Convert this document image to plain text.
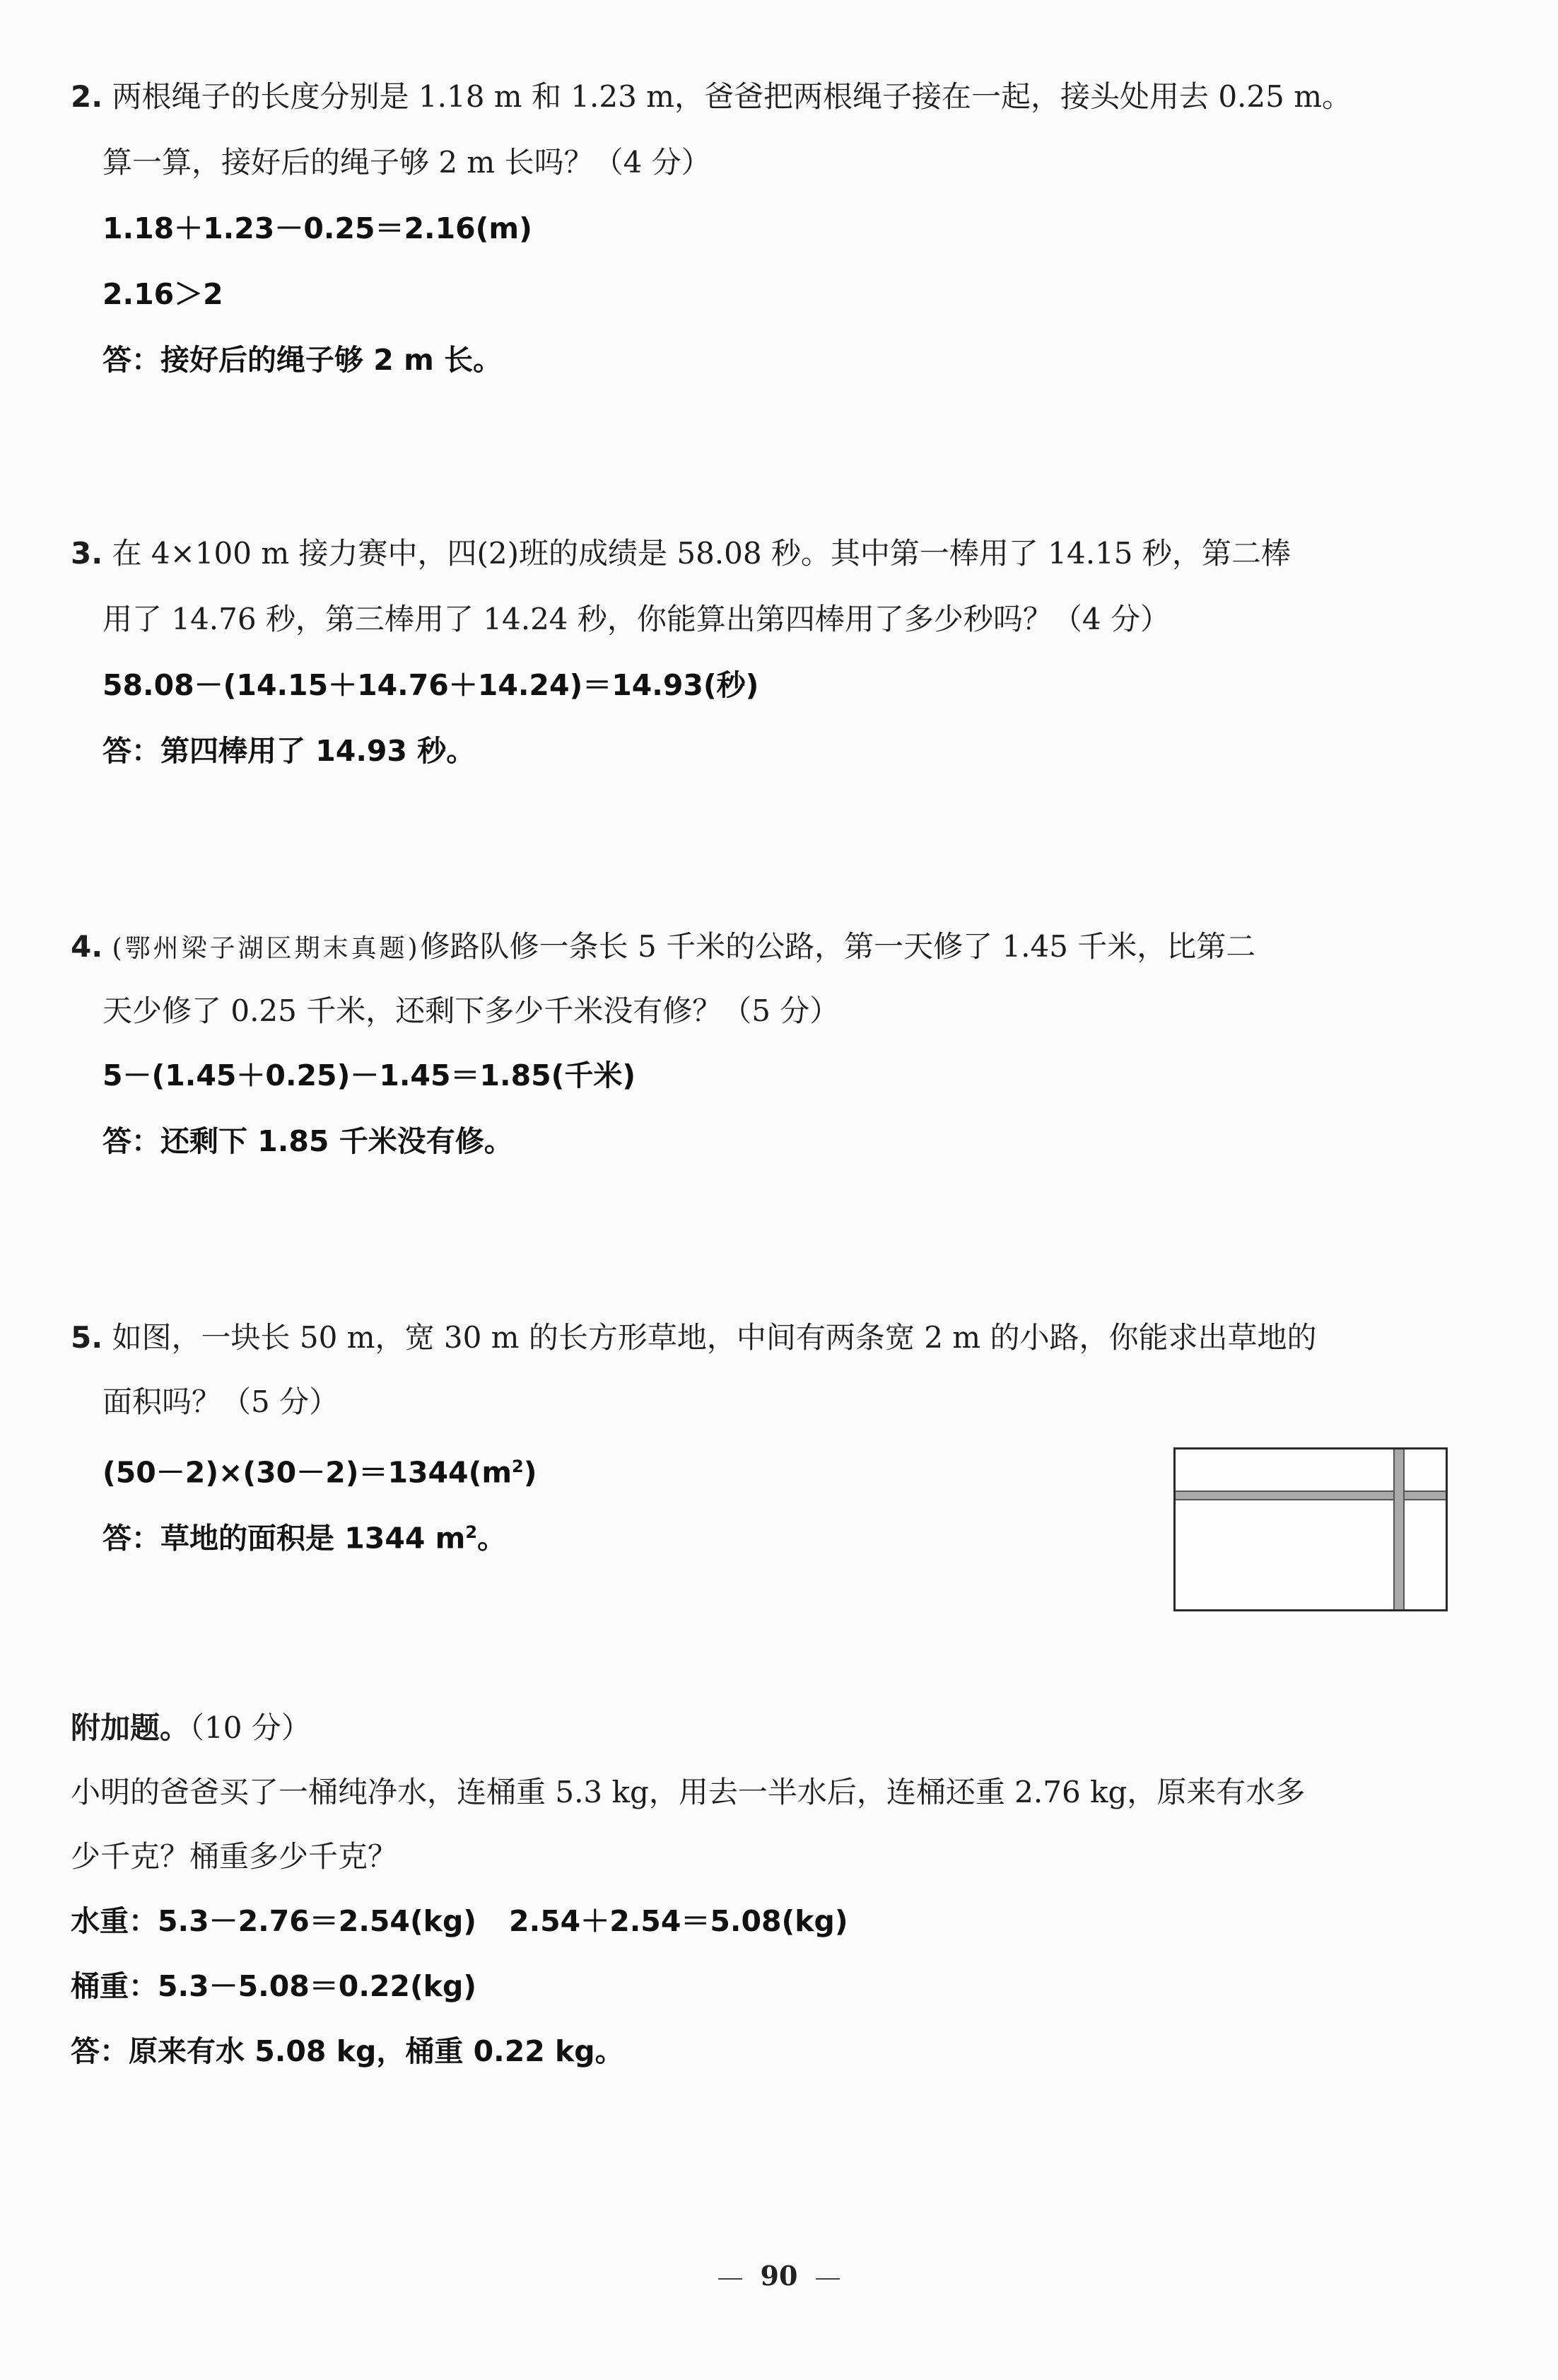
2. 两根绳子的长度分别是 1.18 m 和 1.23 m，爸爸把两根绳子接在一起，接头处用去 0.25 m。
算一算，接好后的绳子够 2 m 长吗？（4 分）
1.18＋1.23－0.25＝2.16(m)
2.16＞2
答：接好后的绳子够 2 m 长。
3. 在 4×100 m 接力赛中，四(2)班的成绩是 58.08 秒。其中第一棒用了 14.15 秒，第二棒
用了 14.76 秒，第三棒用了 14.24 秒，你能算出第四棒用了多少秒吗？（4 分）
58.08－(14.15＋14.76＋14.24)＝14.93(秒)
答：第四棒用了 14.93 秒。
4. (鄂州梁子湖区期末真题)修路队修一条长 5 千米的公路，第一天修了 1.45 千米，比第二
天少修了 0.25 千米，还剩下多少千米没有修？（5 分）
5－(1.45＋0.25)－1.45＝1.85(千米)
答：还剩下 1.85 千米没有修。
5. 如图，一块长 50 m，宽 30 m 的长方形草地，中间有两条宽 2 m 的小路，你能求出草地的
面积吗？（5 分）
$(50-2)\times(30-2)=1344(m^2)$
答：草地的面积是 1344 $m^2$。
附加题。（10 分）
小明的爸爸买了一桶纯净水，连桶重 5.3 kg，用去一半水后，连桶还重 2.76 kg，原来有水多
少千克？桶重多少千克？
水重：5.3－2.76＝2.54(kg) 2.54＋2.54＝5.08(kg)
桶重：5.3－5.08＝0.22(kg)
答：原来有水 5.08 kg，桶重 0.22 kg。
90
